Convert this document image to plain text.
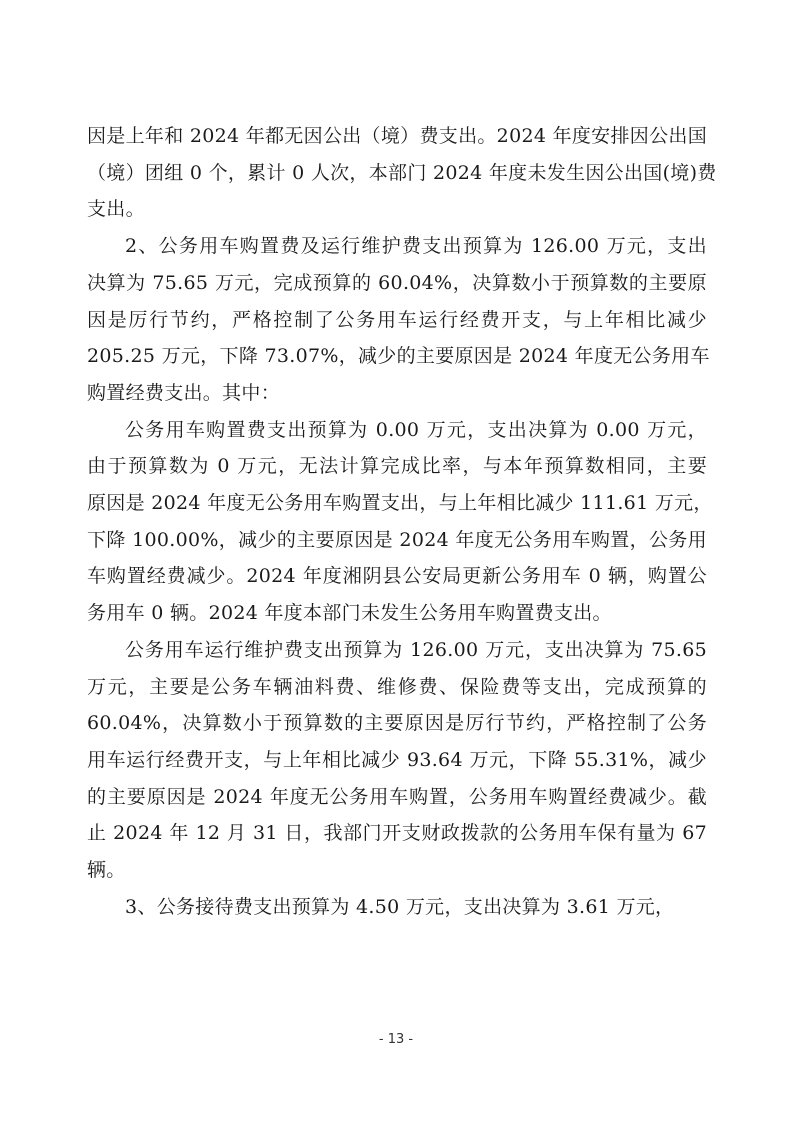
因是上年和 2024 年都无因公出（境）费支出。2024 年度安排因公出国
（境）团组 0 个，累计 0 人次，本部门 2024 年度未发生因公出国(境)费
支出。
2、公务用车购置费及运行维护费支出预算为 126.00 万元，支出
决算为 75.65 万元，完成预算的 60.04%，决算数小于预算数的主要原
因是厉行节约，严格控制了公务用车运行经费开支，与上年相比减少
205.25 万元，下降 73.07%，减少的主要原因是 2024 年度无公务用车
购置经费支出。其中：
公务用车购置费支出预算为 0.00 万元，支出决算为 0.00 万元，
由于预算数为 0 万元，无法计算完成比率，与本年预算数相同，主要
原因是 2024 年度无公务用车购置支出，与上年相比减少 111.61 万元，
下降 100.00%，减少的主要原因是 2024 年度无公务用车购置，公务用
车购置经费减少。2024 年度湘阴县公安局更新公务用车 0 辆，购置公
务用车 0 辆。2024 年度本部门未发生公务用车购置费支出。
公务用车运行维护费支出预算为 126.00 万元，支出决算为 75.65
万元，主要是公务车辆油料费、维修费、保险费等支出，完成预算的
60.04%，决算数小于预算数的主要原因是厉行节约，严格控制了公务
用车运行经费开支，与上年相比减少 93.64 万元，下降 55.31%，减少
的主要原因是 2024 年度无公务用车购置，公务用车购置经费减少。截
止 2024 年 12 月 31 日，我部门开支财政拨款的公务用车保有量为 67
辆。
3、公务接待费支出预算为 4.50 万元，支出决算为 3.61 万元，
- 13 -
